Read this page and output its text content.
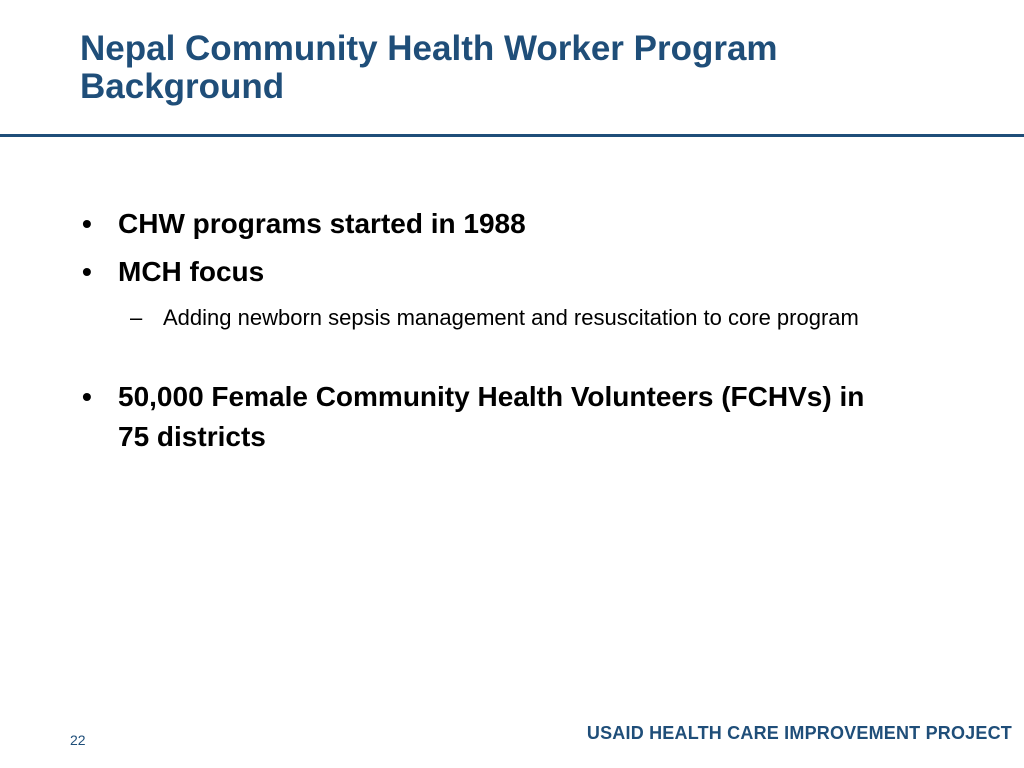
Nepal Community Health Worker Program
Background
• CHW programs started in 1988
• MCH focus
– Adding newborn sepsis management and resuscitation to core program
• 50,000 Female Community Health Volunteers (FCHVs) in 75 districts
22	USAID HEALTH CARE IMPROVEMENT PROJECT
